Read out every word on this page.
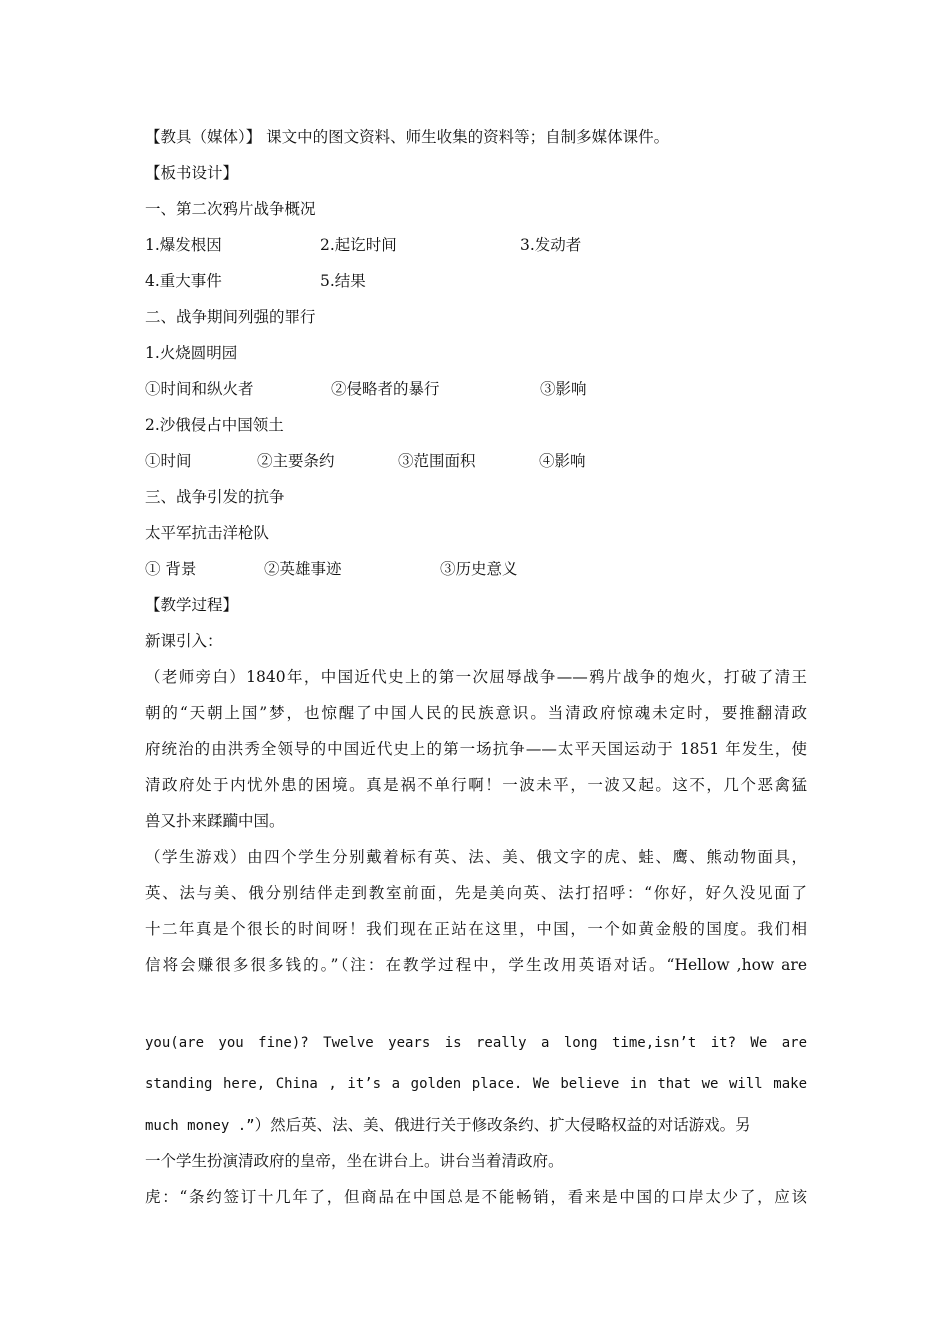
【教具（媒体）】 课文中的图文资料、师生收集的资料等；自制多媒体课件。
【板书设计】
一、第二次鸦片战争概况
1.爆发根因	2.起讫时间	3.发动者
4.重大事件	5.结果
二、战争期间列强的罪行
1.火烧圆明园
①时间和纵火者	②侵略者的暴行	③影响
2.沙俄侵占中国领土
①时间	②主要条约	③范围面积	④影响
三、战争引发的抗争
太平军抗击洋枪队
① 背景	②英雄事迹	③历史意义
【教学过程】
新课引入：
（老师旁白）1840年，中国近代史上的第一次屈辱战争——鸦片战争的炮火，打破了清王
朝的“天朝上国”梦，也惊醒了中国人民的民族意识。当清政府惊魂未定时，要推翻清政
府统治的由洪秀全领导的中国近代史上的第一场抗争——太平天国运动于 1851 年发生，使
清政府处于内忧外患的困境。真是祸不单行啊！一波未平，一波又起。这不，几个恶禽猛
兽又扑来蹂躏中国。
（学生游戏）由四个学生分别戴着标有英、法、美、俄文字的虎、蛙、鹰、熊动物面具，
英、法与美、俄分别结伴走到教室前面，先是美向英、法打招呼：“你好，好久没见面了
十二年真是个很长的时间呀！我们现在正站在这里，中国，一个如黄金般的国度。我们相
信将会赚很多很多钱的。”（注：在教学过程中，学生改用英语对话。“Hellow ,how are
you(are you fine)? Twelve years is really a long time,isn’t it? We are
standing here, China , it’s a golden place. We believe in that we will make
much money .”）然后英、法、美、俄进行关于修改条约、扩大侵略权益的对话游戏。另
一个学生扮演清政府的皇帝，坐在讲台上。讲台当着清政府。
虎：“条约签订十几年了，但商品在中国总是不能畅销，看来是中国的口岸太少了，应该
